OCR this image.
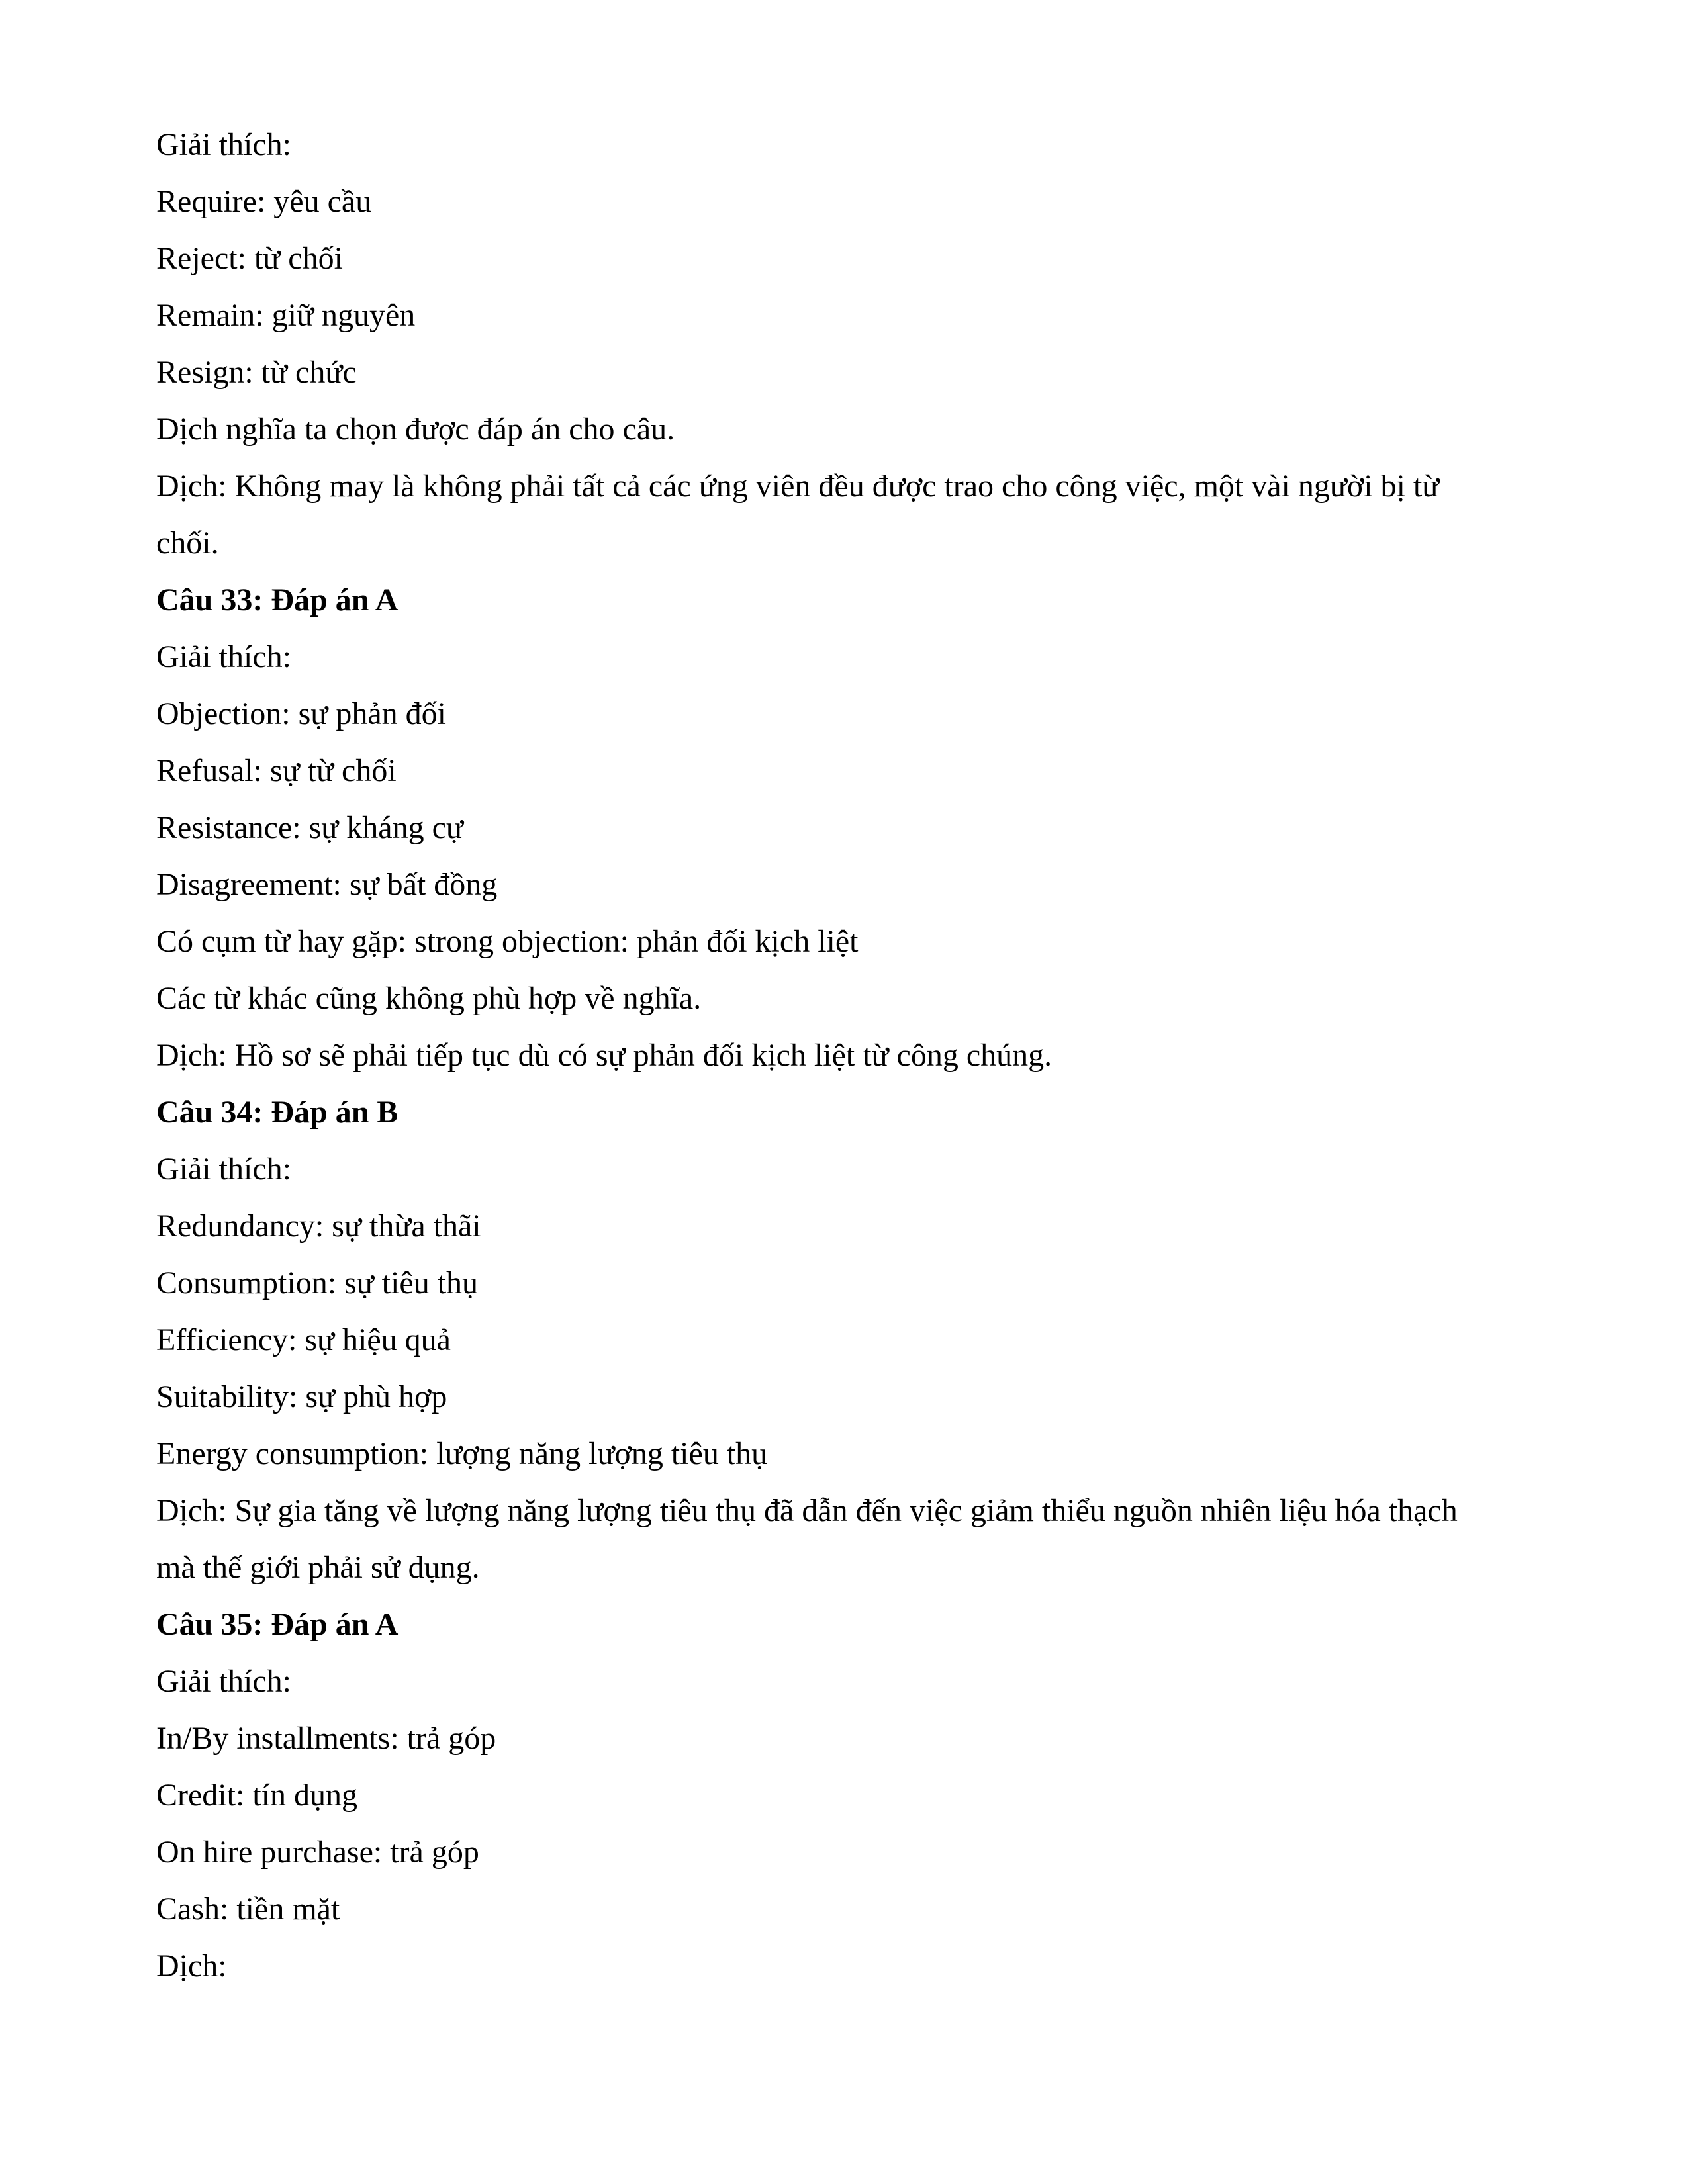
Giải thích:

Require: yêu cầu

Reject: từ chối

Remain: giữ nguyên

Resign: từ chức

Dịch nghĩa ta chọn được đáp án cho câu.

Dịch: Không may là không phải tất cả các ứng viên đều được trao cho công việc, một vài người bị từ

chối.

Câu 33: Đáp án A

Giải thích:

Objection: sự phản đối

Refusal: sự từ chối

Resistance: sự kháng cự

Disagreement: sự bất đồng

Có cụm từ hay gặp: strong objection: phản đối kịch liệt

Các từ khác cũng không phù hợp về nghĩa.

Dịch: Hồ sơ sẽ phải tiếp tục dù có sự phản đối kịch liệt từ công chúng.

Câu 34: Đáp án B

Giải thích:

Redundancy: sự thừa thãi

Consumption: sự tiêu thụ

Efficiency: sự hiệu quả

Suitability: sự phù hợp

Energy consumption: lượng năng lượng tiêu thụ

Dịch: Sự gia tăng về lượng năng lượng tiêu thụ đã dẫn đến việc giảm thiểu nguồn nhiên liệu hóa thạch

mà thế giới phải sử dụng.

Câu 35: Đáp án A

Giải thích:

In/By installments: trả góp

Credit: tín dụng

On hire purchase: trả góp

Cash: tiền mặt

Dịch:
